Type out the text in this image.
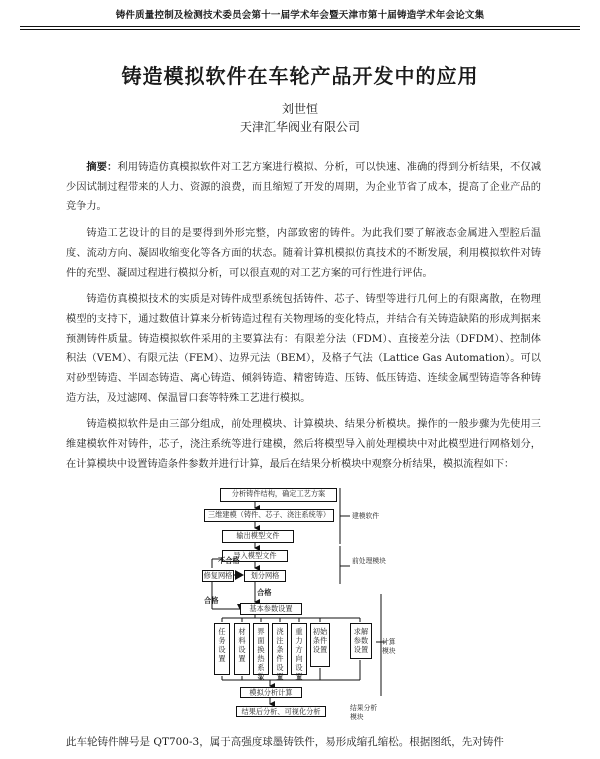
铸件质量控制及检测技术委员会第十一届学术年会暨天津市第十届铸造学术年会论文集
铸造模拟软件在车轮产品开发中的应用
刘世恒
天津汇华阀业有限公司

摘要：利用铸造仿真模拟软件对工艺方案进行模拟、分析，可以快速、准确的得到分析结果，不仅减少因试制过程带来的人力、资源的浪费，而且缩短了开发的周期，为企业节省了成本，提高了企业产品的竞争力。

铸造工艺设计的目的是要得到外形完整，内部致密的铸件。为此我们要了解液态金属进入型腔后温度、流动方向、凝固收缩变化等各方面的状态。随着计算机模拟仿真技术的不断发展，利用模拟软件对铸件的充型、凝固过程进行模拟分析，可以很直观的对工艺方案的可行性进行评估。

铸造仿真模拟技术的实质是对铸件成型系统包括铸件、芯子、铸型等进行几何上的有限离散，在物理模型的支持下，通过数值计算来分析铸造过程有关物理场的变化特点，并结合有关铸造缺陷的形成判据来预测铸件质量。铸造模拟软件采用的主要算法有：有限差分法（FDM）、直接差分法（DFDM）、控制体积法（VEM）、有限元法（FEM）、边界元法（BEM），及格子气法（Lattice Gas Automation）。可以对砂型铸造、半固态铸造、离心铸造、倾斜铸造、精密铸造、压铸、低压铸造、连续金属型铸造等各种铸造方法，及过滤网、保温冒口套等特殊工艺进行模拟。

铸造模拟软件是由三部分组成，前处理模块、计算模块、结果分析模块。操作的一般步骤为先使用三维建模软件对铸件，芯子，浇注系统等进行建模，然后将模型导入前处理模块中对此模型进行网格划分，在计算模块中设置铸造条件参数并进行计算，最后在结果分析模块中观察分析结果，模拟流程如下：

分析铸件结构，确定工艺方案
三维建模（铸件、芯子、浇注系统等）
输出模型文件
导入模型文件
修复网格	划分网格
基本参数设置
任务设置
材料设置
界面换热系数
浇注条件设置
重力方向设置
初始条件设置
求解参数设置
模拟分析计算
结果后分析、可视化分析
不合格
合格
合格
建模软件
前处理模块
计算模块
结果分析模块
此车轮铸件牌号是 QT700-3，属于高强度球墨铸铁件，易形成缩孔缩松。根据图纸，先对铸件
